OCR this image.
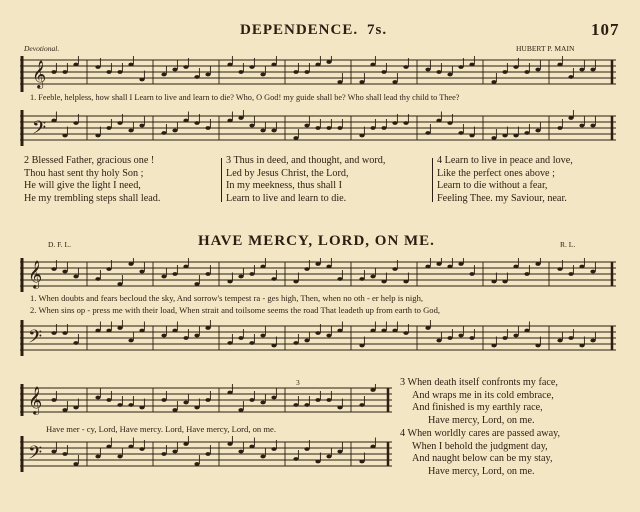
DEPENDENCE. 7s.	107
Devotional.	HUBERT P. MAIN
𝄞
1. Feeble, helpless, how shall I Learn to live and learn to die? Who, O God! my guide shall be? Who shall lead thy child to Thee?
𝄢
2 Blessed Father, gracious one !
Thou hast sent thy holy Son ;
He will give the light I need,
He my trembling steps shall lead.
3 Thus in deed, and thought, and word,
Led by Jesus Christ, the Lord,
In my meekness, thus shall I
Learn to live and learn to die.
4 Learn to live in peace and love,
Like the perfect ones above ;
Learn to die without a fear,
Feeling Thee. my Saviour, near.
D. F. L.	HAVE MERCY, LORD, ON ME.	R. L.
𝄞
1. When doubts and fears becloud the sky, And sorrow's tempest ra - ges high, Then, when no oth - er help is nigh,
2. When sins op - press me with their load, When strait and toilsome seems the road That leadeth up from earth to God,
𝄢
3
𝄞
Have mer - cy, Lord, Have mercy. Lord, Have mercy, Lord, on me.
𝄢
3 When death itself confronts my face,
And wraps me in its cold embrace,
And finished is my earthly race,
Have mercy, Lord, on me.
4 When worldly cares are passed away,
When I behold the judgment day,
And naught below can be my stay,
Have mercy, Lord, on me.
